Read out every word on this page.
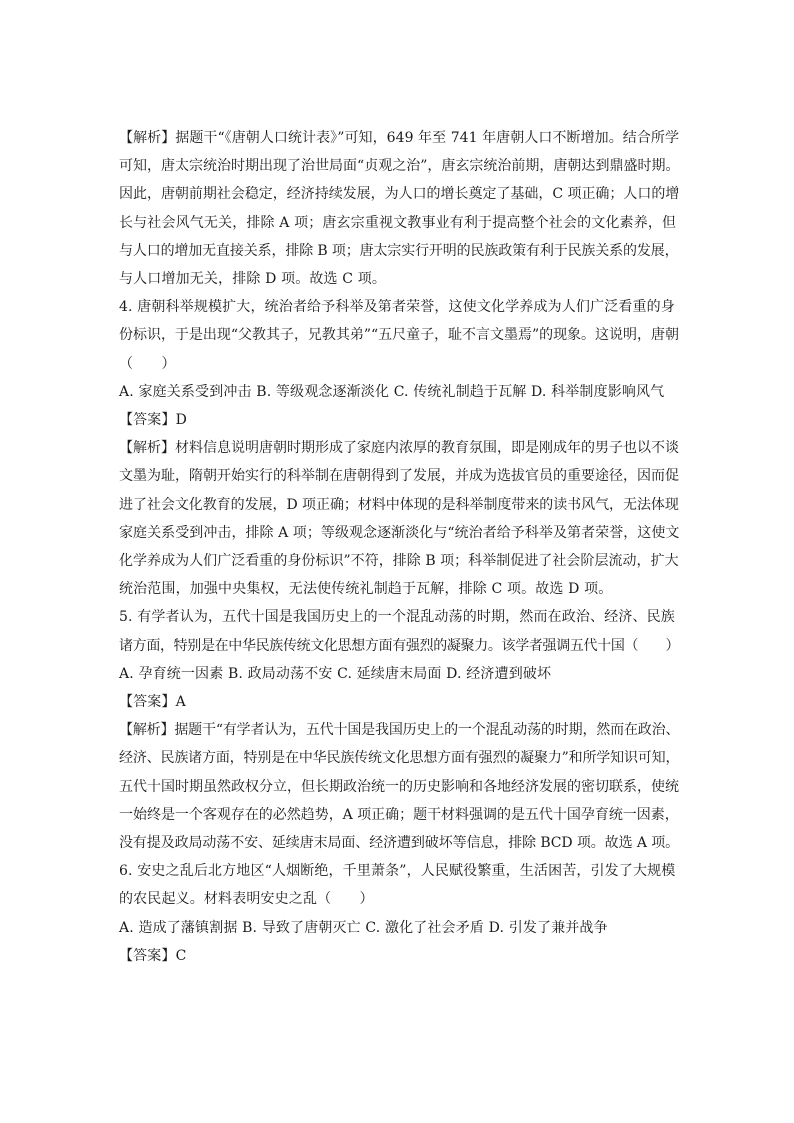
【解析】据题干“《唐朝人口统计表》”可知，649 年至 741 年唐朝人口不断增加。结合所学
可知，唐太宗统治时期出现了治世局面“贞观之治”，唐玄宗统治前期，唐朝达到鼎盛时期。
因此，唐朝前期社会稳定，经济持续发展，为人口的增长奠定了基础，C 项正确；人口的增
长与社会风气无关，排除 A 项；唐玄宗重视文教事业有利于提高整个社会的文化素养，但
与人口的增加无直接关系，排除 B 项；唐太宗实行开明的民族政策有利于民族关系的发展，
与人口增加无关，排除 D 项。故选 C 项。
4. 唐朝科举规模扩大，统治者给予科举及第者荣誉，这使文化学养成为人们广泛看重的身
份标识，于是出现“父教其子，兄教其弟”“五尺童子，耻不言文墨焉”的现象。这说明，唐朝
（　　）
A. 家庭关系受到冲击 B. 等级观念逐渐淡化 C. 传统礼制趋于瓦解 D. 科举制度影响风气
【答案】D
【解析】材料信息说明唐朝时期形成了家庭内浓厚的教育氛围，即是刚成年的男子也以不谈
文墨为耻，隋朝开始实行的科举制在唐朝得到了发展，并成为选拔官员的重要途径，因而促
进了社会文化教育的发展，D 项正确；材料中体现的是科举制度带来的读书风气，无法体现
家庭关系受到冲击，排除 A 项；等级观念逐渐淡化与“统治者给予科举及第者荣誉，这使文
化学养成为人们广泛看重的身份标识”不符，排除 B 项；科举制促进了社会阶层流动，扩大
统治范围，加强中央集权，无法使传统礼制趋于瓦解，排除 C 项。故选 D 项。
5. 有学者认为，五代十国是我国历史上的一个混乱动荡的时期，然而在政治、经济、民族
诸方面，特别是在中华民族传统文化思想方面有强烈的凝聚力。该学者强调五代十国（　　）
A. 孕育统一因素 B. 政局动荡不安 C. 延续唐末局面 D. 经济遭到破坏
【答案】A
【解析】据题干“有学者认为，五代十国是我国历史上的一个混乱动荡的时期，然而在政治、
经济、民族诸方面，特别是在中华民族传统文化思想方面有强烈的凝聚力”和所学知识可知，
五代十国时期虽然政权分立，但长期政治统一的历史影响和各地经济发展的密切联系，使统
一始终是一个客观存在的必然趋势，A 项正确；题干材料强调的是五代十国孕育统一因素，
没有提及政局动荡不安、延续唐末局面、经济遭到破坏等信息，排除 BCD 项。故选 A 项。
6. 安史之乱后北方地区“人烟断绝，千里萧条”，人民赋役繁重，生活困苦，引发了大规模
的农民起义。材料表明安史之乱（　　）
A. 造成了藩镇割据 B. 导致了唐朝灭亡 C. 激化了社会矛盾 D. 引发了兼并战争
【答案】C
